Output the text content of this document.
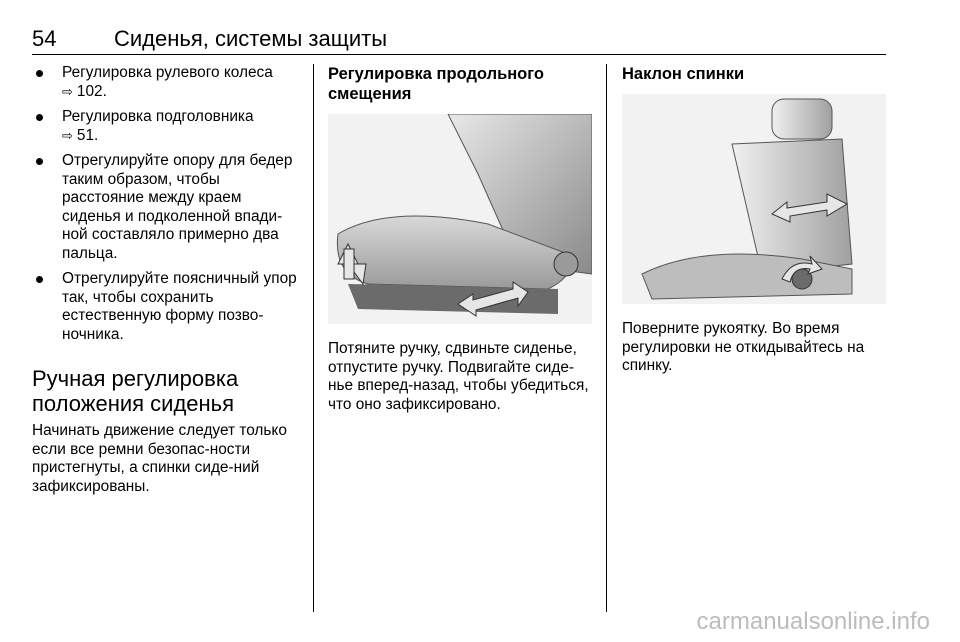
54	Сиденья, системы защиты
Регулировка рулевого колеса
⇨ 102.
Регулировка подголовника
⇨ 51.
Отрегулируйте опору для бедер таким образом, чтобы расстояние между краем сиденья и подколенной впади-ной составляло примерно два пальца.
Отрегулируйте поясничный упор так, чтобы сохранить естественную форму позво-ночника.
Ручная регулировка положения сиденья

Начинать движение следует только если все ремни безопас-ности пристегнуты, а спинки сиде-ний зафиксированы.

Регулировка продольного смещения

Потяните ручку, сдвиньте сиденье, отпустите ручку. Подвигайте сиде-нье вперед-назад, чтобы убедиться, что оно зафиксировано.

Наклон спинки

Поверните рукоятку. Во время регулировки не откидывайтесь на спинку.

carmanualsonline.info
